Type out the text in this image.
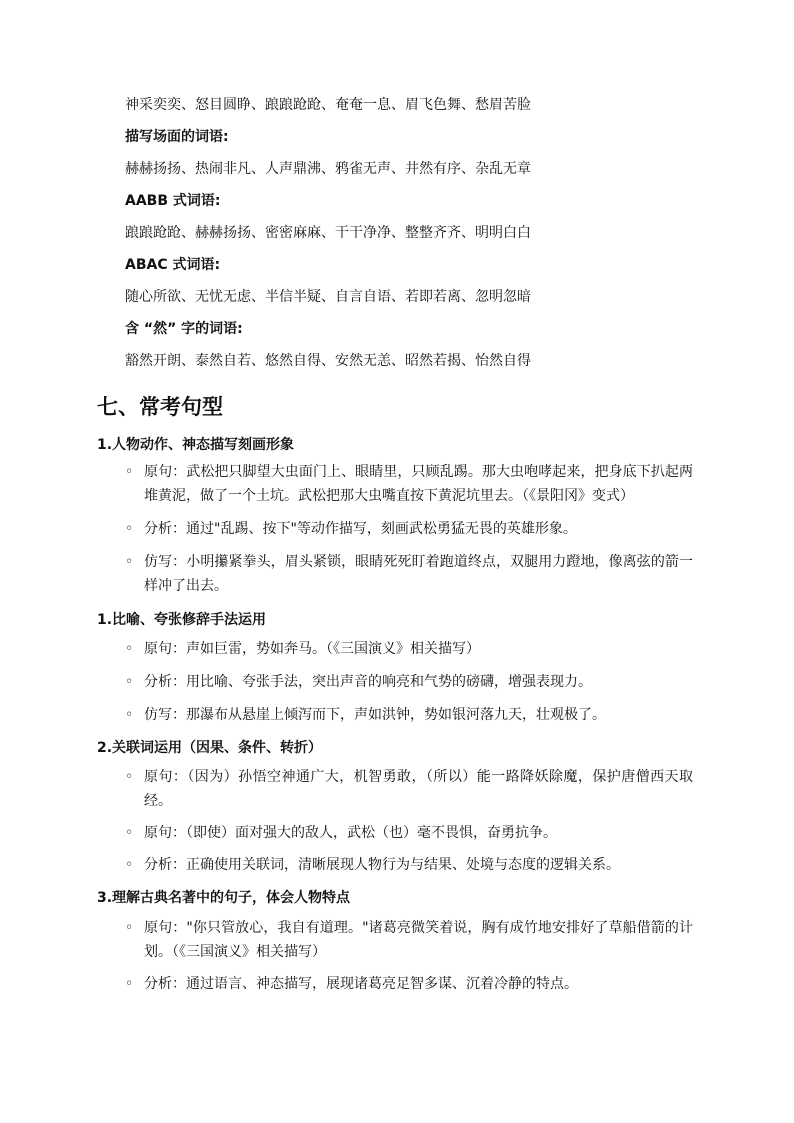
神采奕奕、怒目圆睁、踉踉跄跄、奄奄一息、眉飞色舞、愁眉苦脸
描写场面的词语:
赫赫扬扬、热闹非凡、人声鼎沸、鸦雀无声、井然有序、杂乱无章
AABB 式词语:
踉踉跄跄、赫赫扬扬、密密麻麻、干干净净、整整齐齐、明明白白
ABAC 式词语:
随心所欲、无忧无虑、半信半疑、自言自语、若即若离、忽明忽暗
含 “然” 字的词语:
豁然开朗、泰然自若、悠然自得、安然无恙、昭然若揭、怡然自得
七、常考句型
1.人物动作、神态描写刻画形象
◦ 原句：武松把只脚望大虫面门上、眼睛里，只顾乱踢。那大虫咆哮起来，把身底下扒起两堆黄泥，做了一个土坑。武松把那大虫嘴直按下黄泥坑里去。（《景阳冈》变式）
◦ 分析：通过"乱踢、按下"等动作描写，刻画武松勇猛无畏的英雄形象。
◦ 仿写：小明攥紧拳头，眉头紧锁，眼睛死死盯着跑道终点，双腿用力蹬地，像离弦的箭一样冲了出去。
1.比喻、夸张修辞手法运用
◦ 原句：声如巨雷，势如奔马。（《三国演义》相关描写）
◦ 分析：用比喻、夸张手法，突出声音的响亮和气势的磅礴，增强表现力。
◦ 仿写：那瀑布从悬崖上倾泻而下，声如洪钟，势如银河落九天，壮观极了。
2.关联词运用（因果、条件、转折）
◦ 原句：（因为）孙悟空神通广大，机智勇敢，（所以）能一路降妖除魔，保护唐僧西天取经。
◦ 原句：（即使）面对强大的敌人，武松（也）毫不畏惧，奋勇抗争。
◦ 分析：正确使用关联词，清晰展现人物行为与结果、处境与态度的逻辑关系。
3.理解古典名著中的句子，体会人物特点
◦ 原句："你只管放心，我自有道理。"诸葛亮微笑着说，胸有成竹地安排好了草船借箭的计划。（《三国演义》相关描写）
◦ 分析：通过语言、神态描写，展现诸葛亮足智多谋、沉着冷静的特点。
